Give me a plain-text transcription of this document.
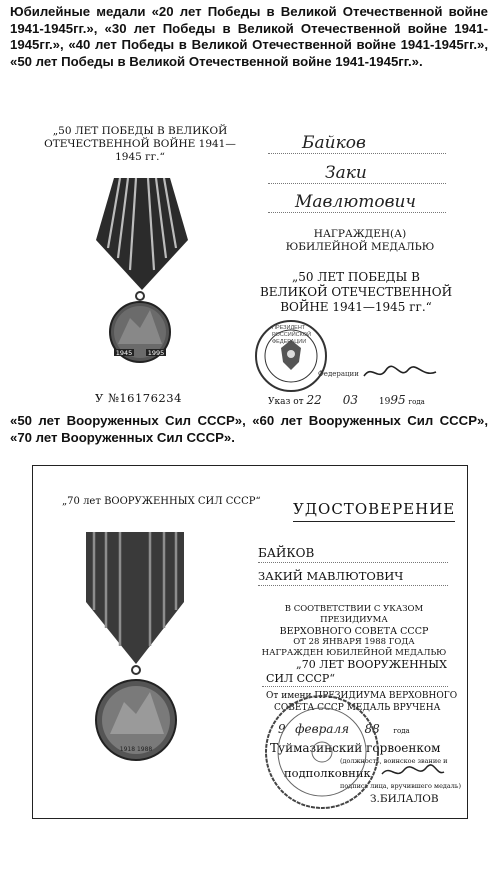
Юбилейные медали «20 лет Победы в Великой Отечественной войне 1941-1945гг.», «30 лет Победы в Великой Отечественной войне 1941-1945гг.», «40 лет Победы в Великой Отечественной войне 1941-1945гг.», «50 лет Победы в Великой Отечественной войне 1941-1945гг.».
„50 ЛЕТ ПОБЕДЫ В ВЕЛИКОЙ ОТЕЧЕСТВЕННОЙ ВОЙНЕ 1941—1945 гг.“
1945 1995
У №16176234
Байков
Заки
Мавлютович
НАГРАЖДЕН(А)
ЮБИЛЕЙНОЙ МЕДАЛЬЮ
„50 ЛЕТ ПОБЕДЫ В ВЕЛИКОЙ ОТЕЧЕСТВЕННОЙ ВОЙНЕ 1941—1945 гг.“
ПРЕЗИДЕНТ РОССИЙСКОЙ ФЕДЕРАЦИИ
Федерации
Указ от 22 03 1995 года
«50 лет Вооруженных Сил СССР», «60 лет Вооруженных Сил СССР», «70 лет Вооруженных Сил СССР».
„70 лет ВООРУЖЕННЫХ СИЛ СССР“
1918 1988
УДОСТОВЕРЕНИЕ
БАЙКОВ
ЗАКИЙ МАВЛЮТОВИЧ
В СООТВЕТСТВИИ С УКАЗОМ ПРЕЗИДИУМА
ВЕРХОВНОГО СОВЕТА СССР
ОТ 28 ЯНВАРЯ 1988 ГОДА
НАГРАЖДЕН ЮБИЛЕЙНОЙ МЕДАЛЬЮ
„70 ЛЕТ ВООРУЖЕННЫХ
СИЛ СССР“
От имени ПРЕЗИДИУМА ВЕРХОВНОГО
СОВЕТА СССР МЕДАЛЬ ВРУЧЕНА
9 февраля 88 года
Туймазинский горвоенком
(должность, воинское звание и
подполковник
подпись лица, вручившего медаль)
З.БИЛАЛОВ
